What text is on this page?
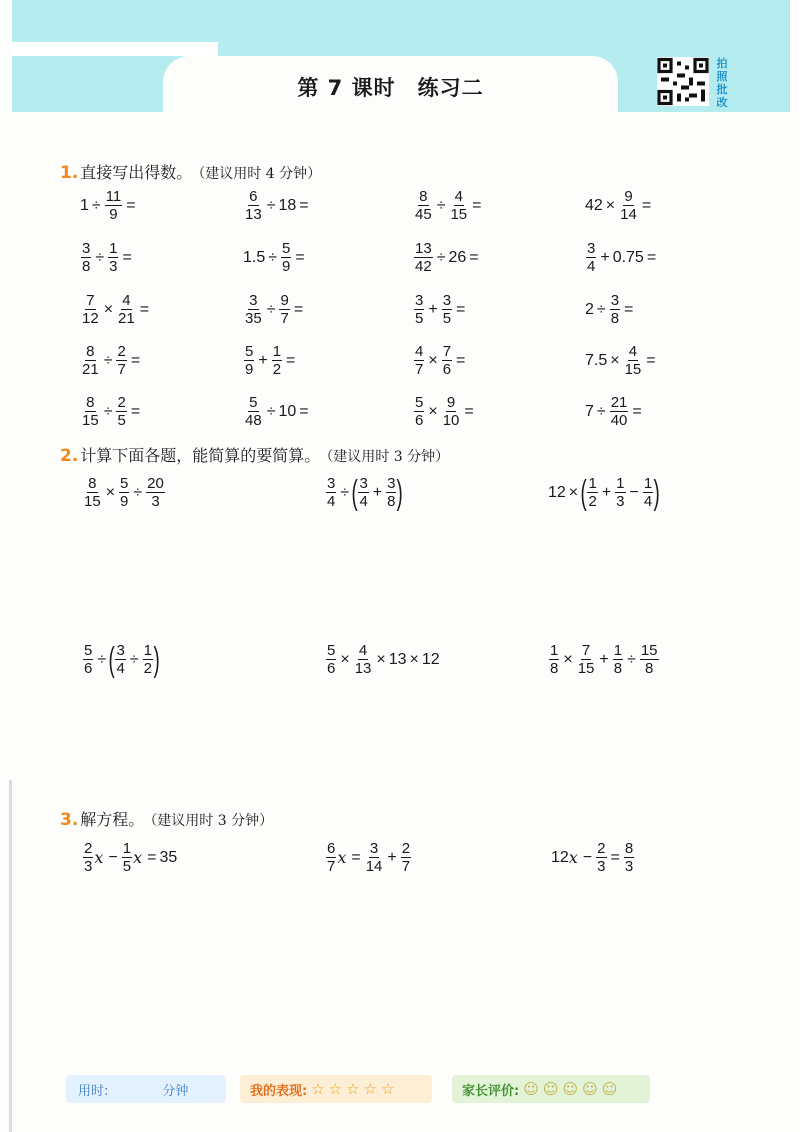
第 7 课时 练习二
拍
照
批
改
1. 直接写出得数。 （建议用时 4 分钟）
2. 计算下面各题，能简算的要简算。 （建议用时 3 分钟）
3. 解方程。 （建议用时 3 分钟）
$1 \div \frac{11}{9}$ =	$\frac{6}{13} \div 18$ =	$\frac{8}{45} \div \frac{4}{15}$ =	$42 \times \frac{9}{14}$ =
$\frac{3}{8} \div \frac{1}{3}$ =	$1.5 \div \frac{5}{9}$ =	$\frac{13}{42} \div 26$ =	$\frac{3}{4} + 0.75$ =
$\frac{7}{12} \times \frac{4}{21}$ =	$\frac{3}{35} \div \frac{9}{7}$ =	$\frac{3}{5} + \frac{3}{5}$ =	$2 \div \frac{3}{8}$ =
$\frac{8}{21} \div \frac{2}{7}$ =	$\frac{5}{9} + \frac{1}{2}$ =	$\frac{4}{7} \times \frac{7}{6}$ =	$7.5 \times \frac{4}{15}$ =
$\frac{8}{15} \div \frac{2}{5}$ =	$\frac{5}{48} \div 10$ =	$\frac{5}{6} \times \frac{9}{10}$ =	$7 \div \frac{21}{40}$ =
$\frac{8}{15} \times \frac{5}{9} \div \frac{20}{3}$	$\frac{3}{4}$ ÷ ( $\frac{3}{4} + \frac{3}{8}$ )	12 × ( $\frac{1}{2} + \frac{1}{3} - \frac{1}{4}$ )
$\frac{5}{6}$ ÷ ( $\frac{3}{4} \div \frac{1}{2}$ )	$\frac{5}{6} \times \frac{4}{13} \times 13 \times 12$	$\frac{1}{8} \times \frac{7}{15} + \frac{1}{8} \div \frac{15}{8}$
$\frac{2}{3}$ $x - \frac{1}{5}$ x = 35	$\frac{6}{7}$ $x = \frac{3}{14} + \frac{2}{7}$	12 $x - \frac{2}{3} = \frac{8}{3}$
用时:	分钟	我的表现: ☆ ☆ ☆ ☆ ☆	家长评价: ☺ ☺ ☺ ☺ ☺
